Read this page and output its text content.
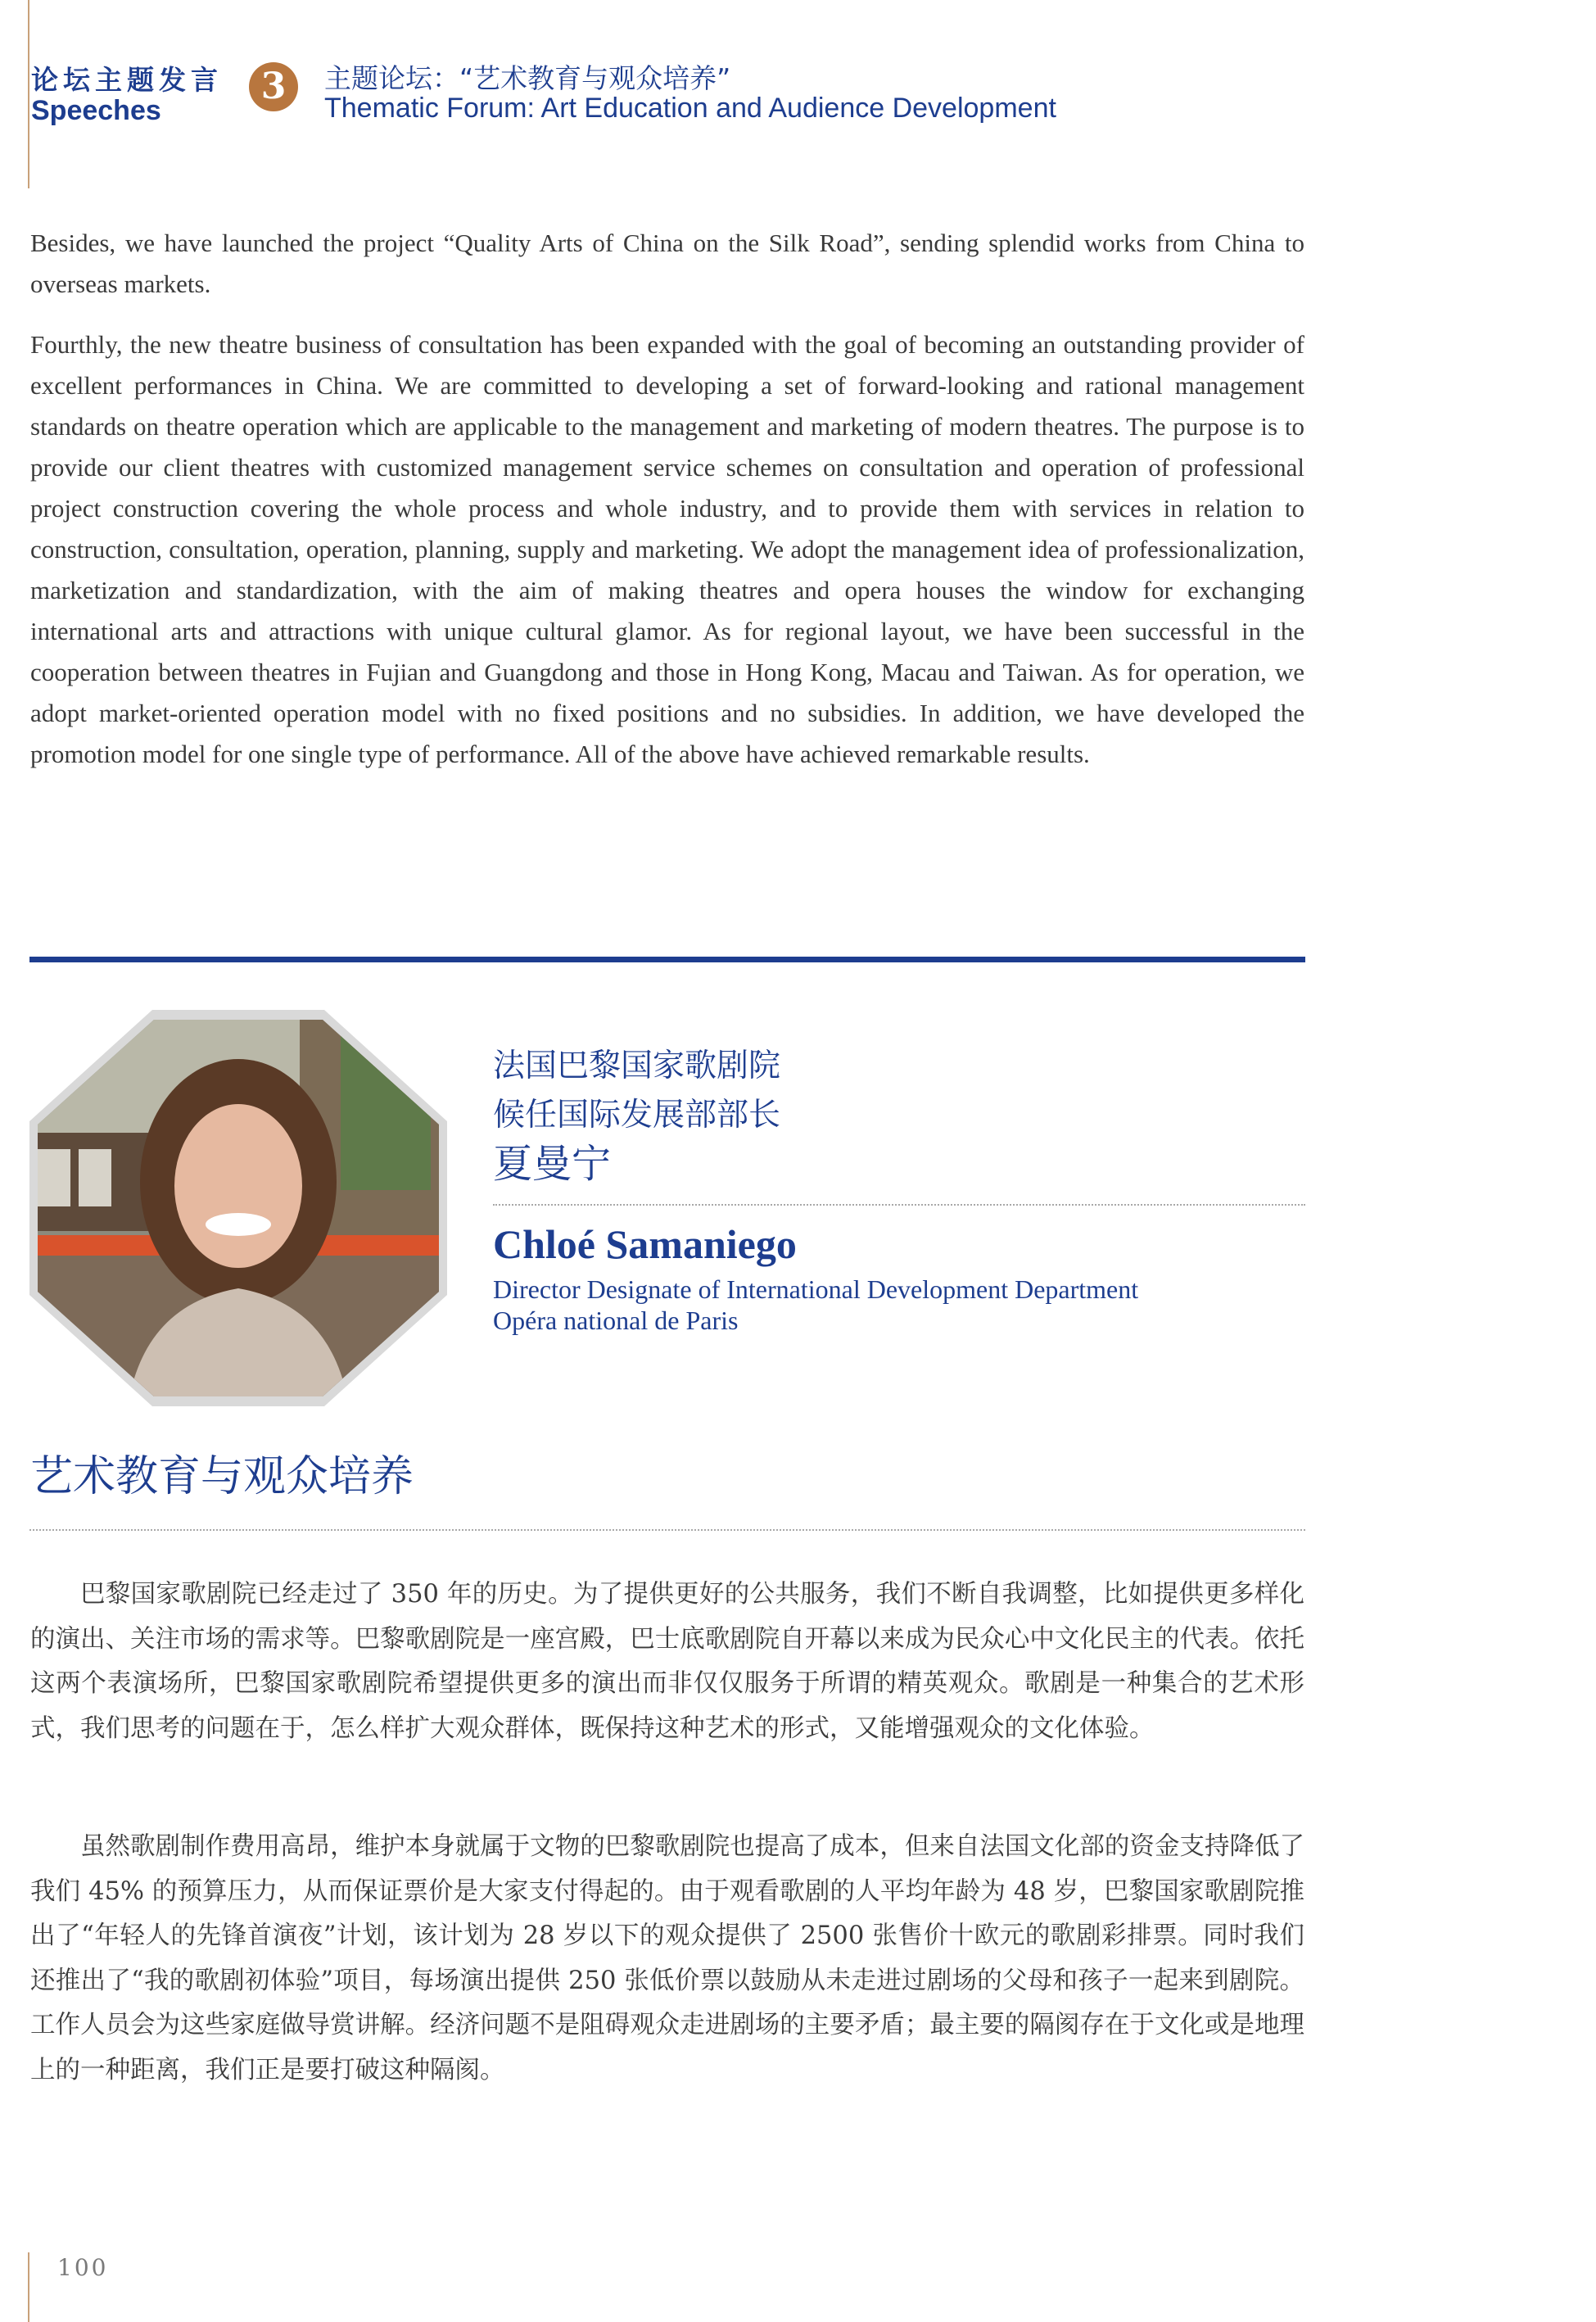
论坛主题发言
Speeches
3	主题论坛：“艺术教育与观众培养”
Thematic Forum: Art Education and Audience Development

Besides, we have launched the project “Quality Arts of China on the Silk Road”, sending splendid works from China to overseas markets.

Fourthly, the new theatre business of consultation has been expanded with the goal of becoming an outstanding provider of excellent performances in China. We are committed to developing a set of forward-looking and rational management standards on theatre operation which are applicable to the management and marketing of modern theatres. The purpose is to provide our client theatres with customized management service schemes on consultation and operation of professional project construction covering the whole process and whole industry, and to provide them with services in relation to construction, consultation, operation, planning, supply and marketing. We adopt the management idea of professionalization, marketization and standardization, with the aim of making theatres and opera houses the window for exchanging international arts and attractions with unique cultural glamor. As for regional layout, we have been successful in the cooperation between theatres in Fujian and Guangdong and those in Hong Kong, Macau and Taiwan. As for operation, we adopt market-oriented operation model with no fixed positions and no subsidies. In addition, we have developed the promotion model for one single type of performance. All of the above have achieved remarkable results.

法国巴黎国家歌剧院
候任国际发展部部长
夏曼宁
Chloé Samaniego
Director Designate of International Development Department
Opéra national de Paris
艺术教育与观众培养

巴黎国家歌剧院已经走过了 350 年的历史。为了提供更好的公共服务，我们不断自我调整，比如提供更多样化的演出、关注市场的需求等。巴黎歌剧院是一座宫殿，巴士底歌剧院自开幕以来成为民众心中文化民主的代表。依托这两个表演场所，巴黎国家歌剧院希望提供更多的演出而非仅仅服务于所谓的精英观众。歌剧是一种集合的艺术形式，我们思考的问题在于，怎么样扩大观众群体，既保持这种艺术的形式，又能增强观众的文化体验。

虽然歌剧制作费用高昂，维护本身就属于文物的巴黎歌剧院也提高了成本，但来自法国文化部的资金支持降低了我们 45% 的预算压力，从而保证票价是大家支付得起的。由于观看歌剧的人平均年龄为 48 岁，巴黎国家歌剧院推出了“年轻人的先锋首演夜”计划，该计划为 28 岁以下的观众提供了 2500 张售价十欧元的歌剧彩排票。同时我们还推出了“我的歌剧初体验”项目，每场演出提供 250 张低价票以鼓励从未走进过剧场的父母和孩子一起来到剧院。工作人员会为这些家庭做导赏讲解。经济问题不是阻碍观众走进剧场的主要矛盾；最主要的隔阂存在于文化或是地理上的一种距离，我们正是要打破这种隔阂。

100
